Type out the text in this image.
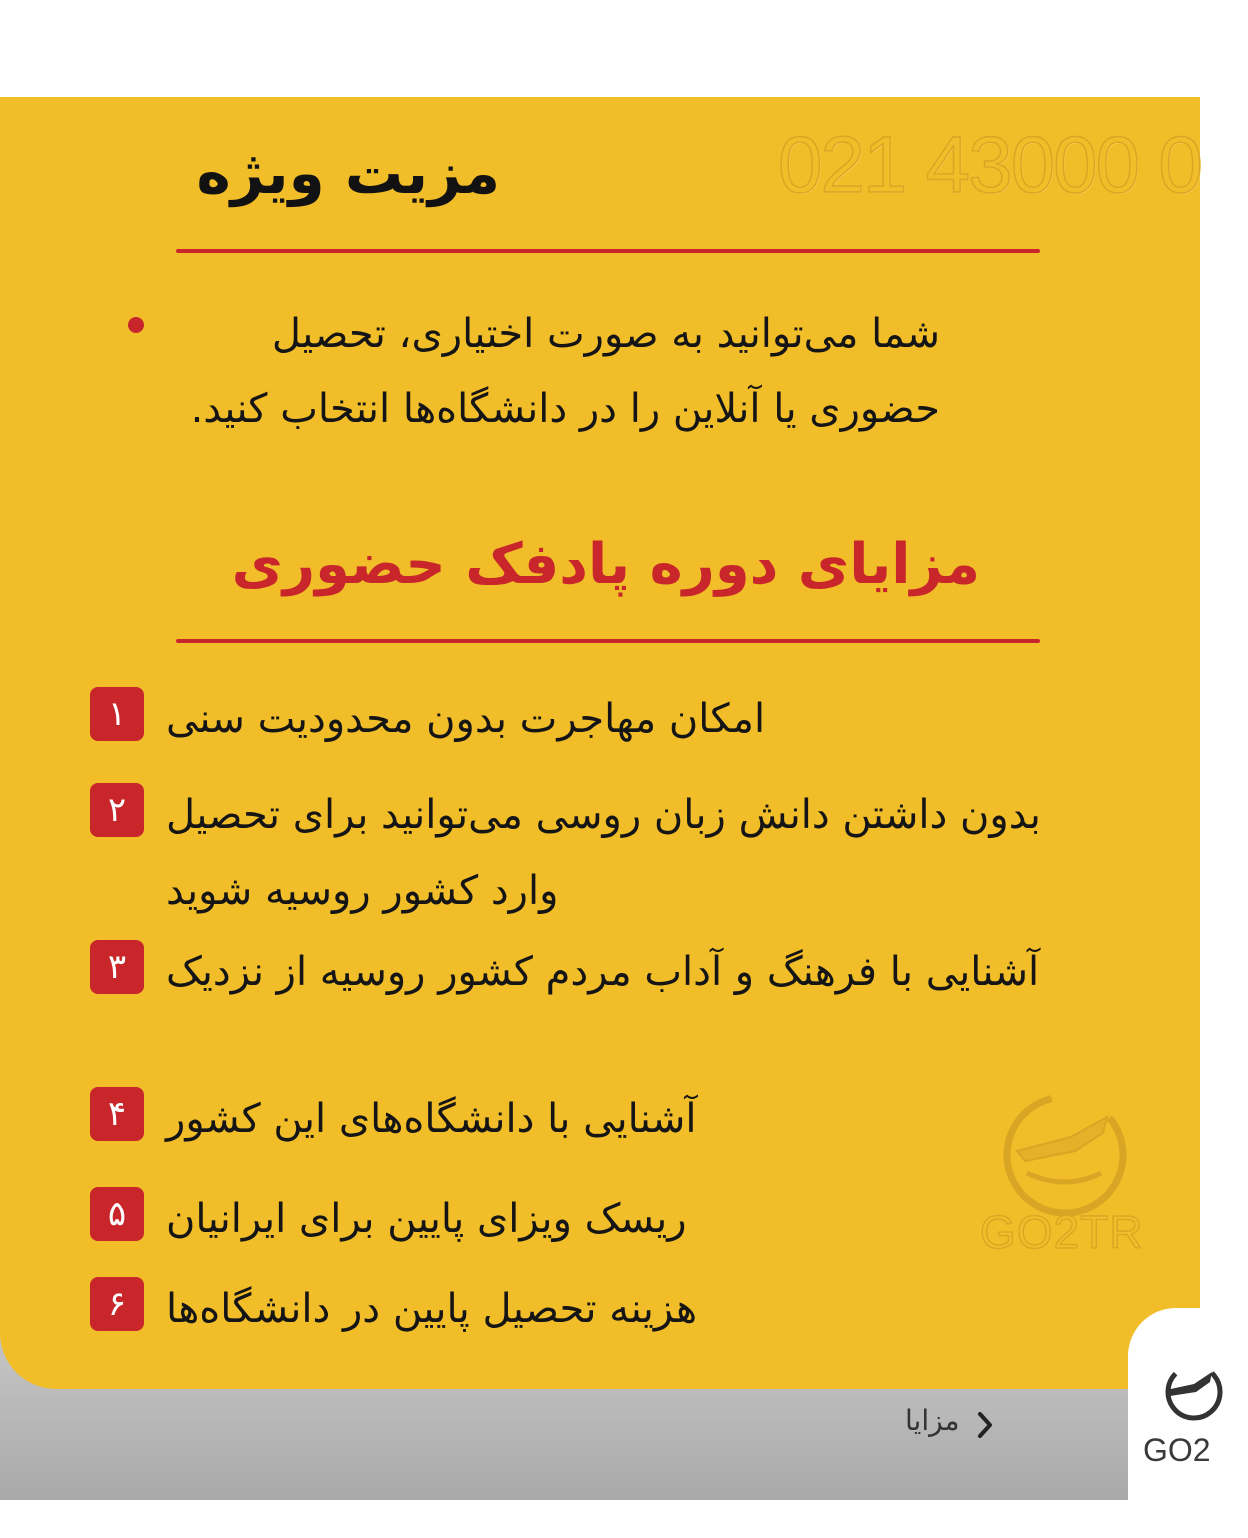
021 43000 0
مزیت ویژه

شما می‌توانید به صورت اختیاری، تحصیل حضوری یا آنلاین را در دانشگاه‌ها انتخاب کنید.

مزایای دوره پادفک حضوری
۱ امکان مهاجرت بدون محدودیت سنی

۲ بدون داشتن دانش زبان روسی می‌توانید برای تحصیل وارد کشور روسیه شوید

۳ آشنایی با فرهنگ و آداب مردم کشور روسیه از نزدیک

۴ آشنایی با دانشگاه‌های این کشور

۵ ریسک ویزای پایین برای ایرانیان

۶ هزینه تحصیل پایین در دانشگاه‌ها

GO2TR
مزایا
GO2
